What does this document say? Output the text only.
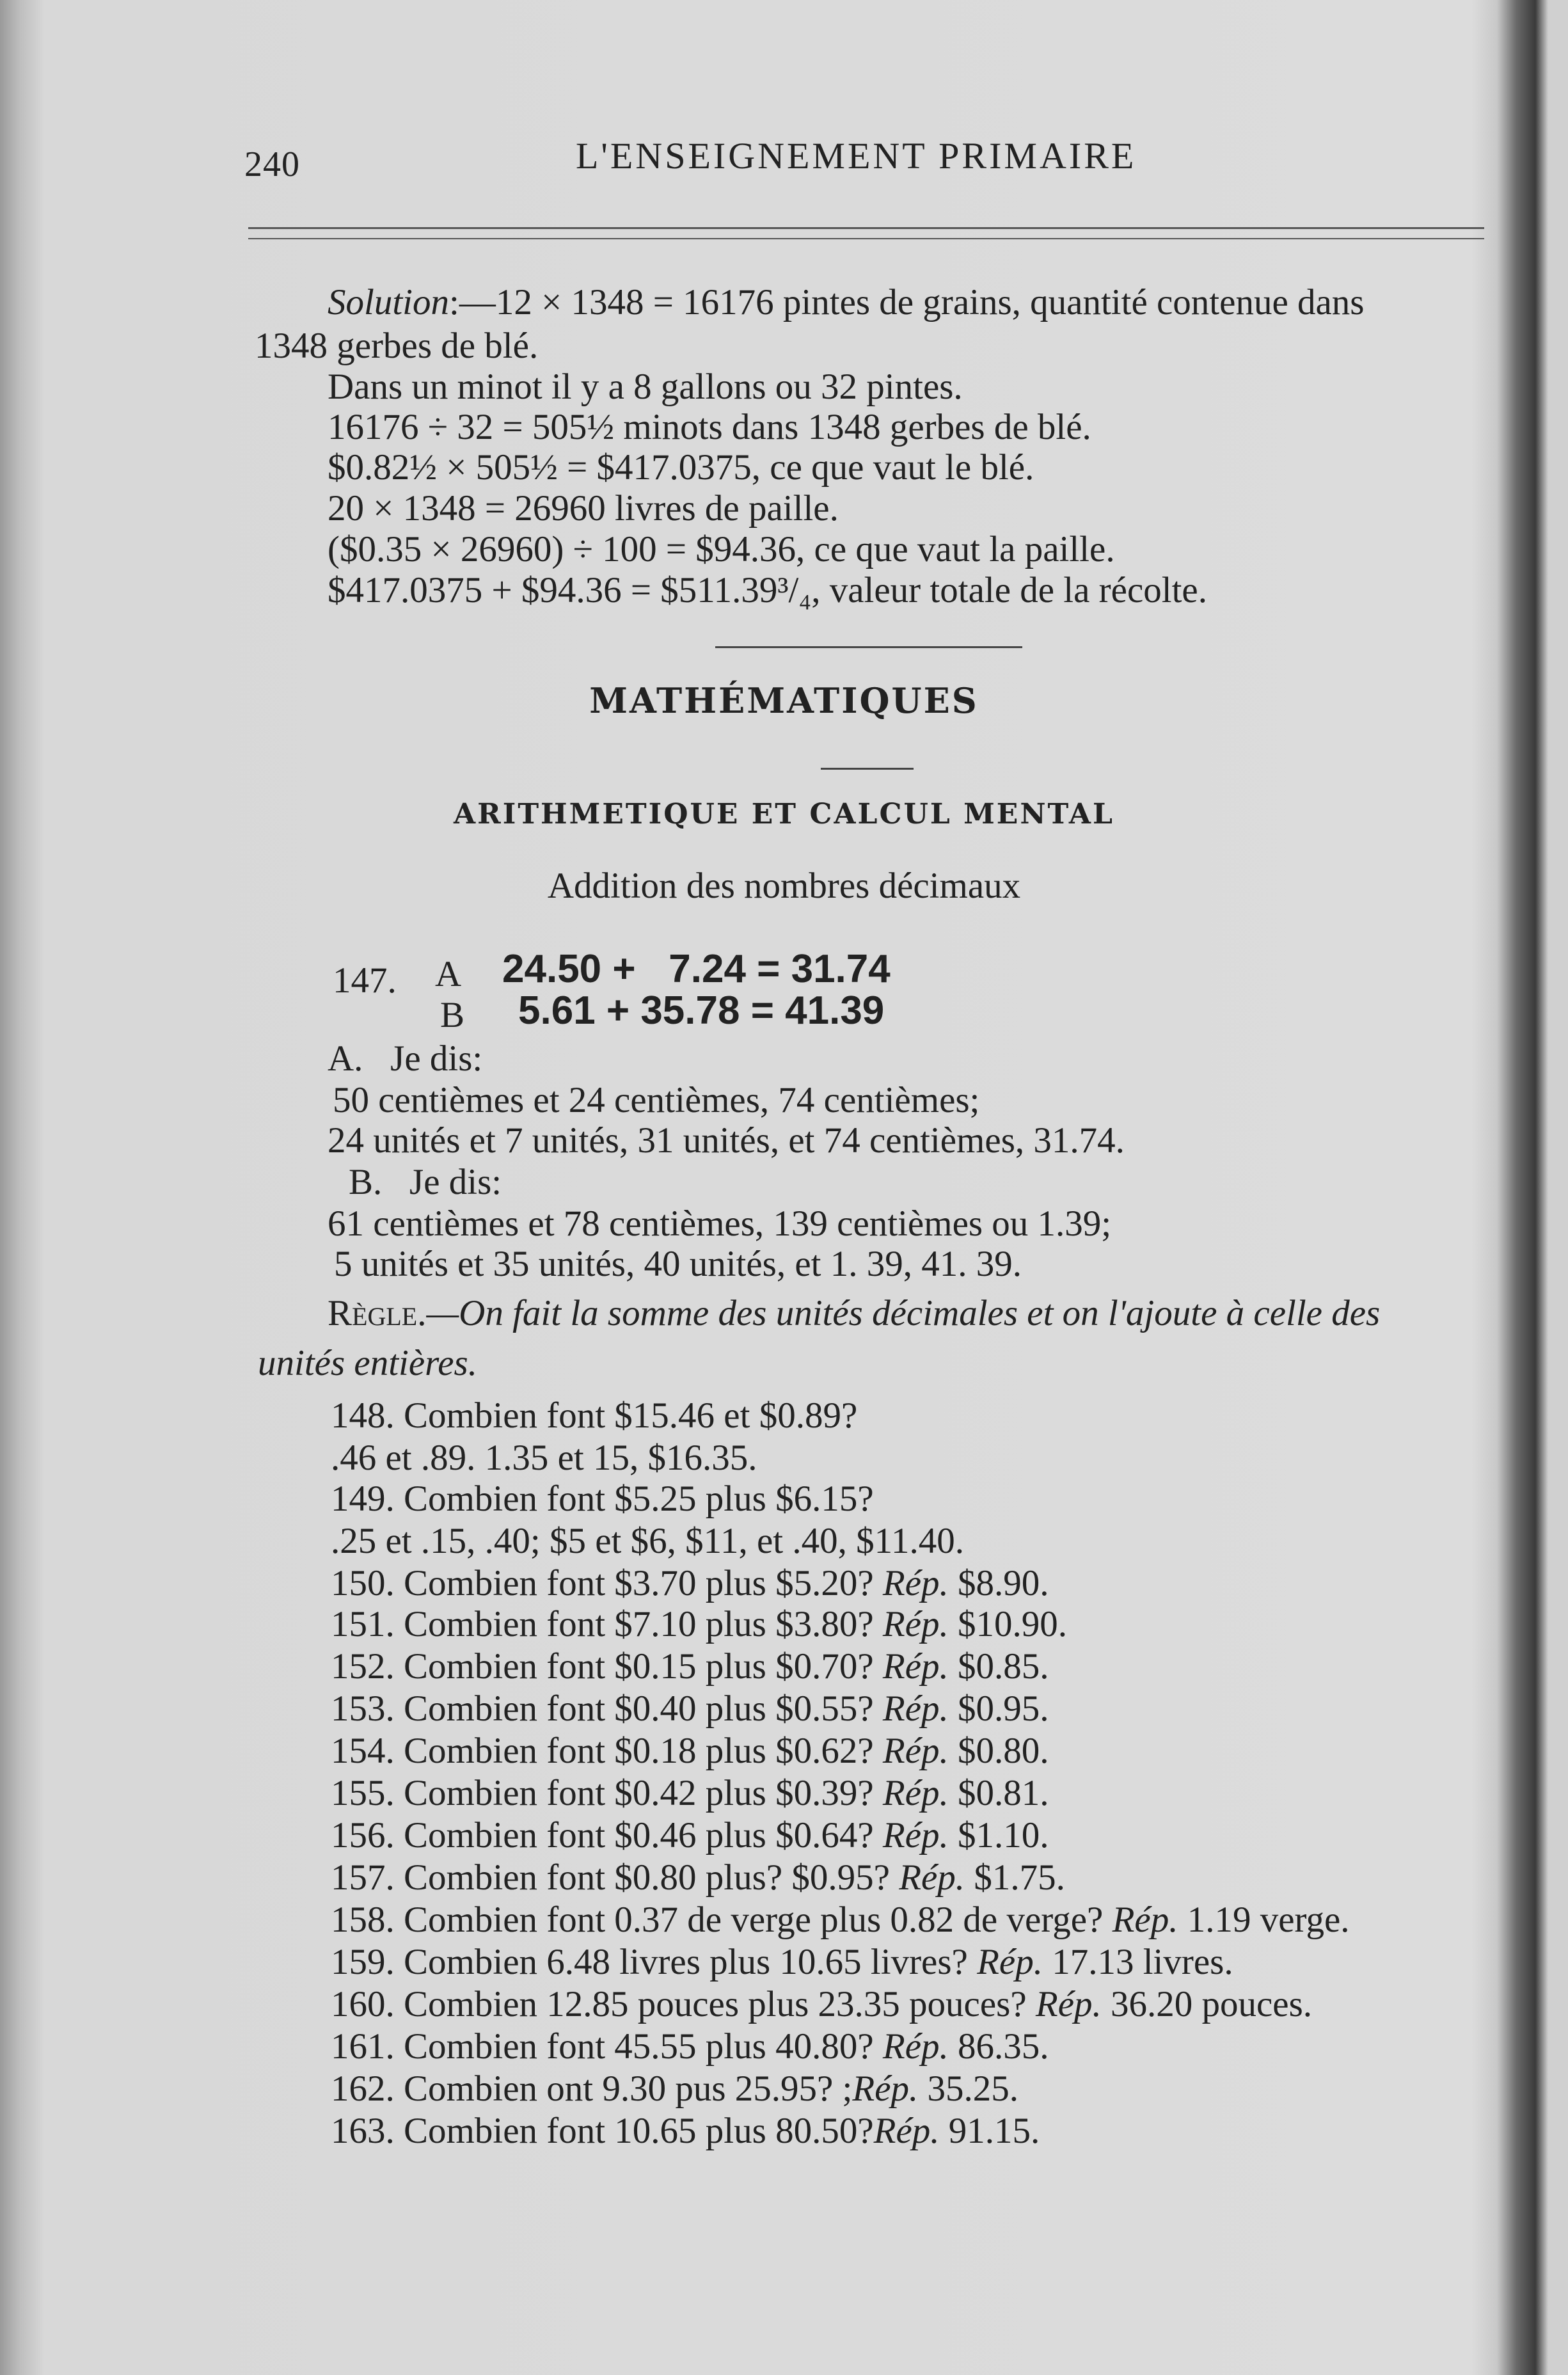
240	L'ENSEIGNEMENT PRIMAIRE
Solution:—12 × 1348 = 16176 pintes de grains, quantité contenue dans
1348 gerbes de blé.
Dans un minot il y a 8 gallons ou 32 pintes.
16176 ÷ 32 = 505½ minots dans 1348 gerbes de blé.
$0.82½ × 505½ = $417.0375, ce que vaut le blé.
20 × 1348 = 26960 livres de paille.
($0.35 × 26960) ÷ 100 = $94.36, ce que vaut la paille.
$417.0375 + $94.36 = $511.39³/₄, valeur totale de la récolte.
MATHÉMATIQUES
ARITHMETIQUE ET CALCUL MENTAL
Addition des nombres décimaux
147. A 24.50 +   7.24 = 31.74
B 5.61 + 35.78 = 41.39
A.   Je dis:
50 centièmes et 24 centièmes, 74 centièmes;
24 unités et 7 unités, 31 unités, et 74 centièmes, 31.74.
B.   Je dis:
61 centièmes et 78 centièmes, 139 centièmes ou 1.39;
5 unités et 35 unités, 40 unités, et 1. 39, 41. 39.
Règle.—On fait la somme des unités décimales et on l'ajoute à celle des
unités entières.
148. Combien font $15.46 et $0.89?
.46 et .89. 1.35 et 15, $16.35.
149. Combien font $5.25 plus $6.15?
.25 et .15, .40; $5 et $6, $11, et .40, $11.40.
150. Combien font $3.70 plus $5.20? Rép. $8.90.
151. Combien font $7.10 plus $3.80? Rép. $10.90.
152. Combien font $0.15 plus $0.70? Rép. $0.85.
153. Combien font $0.40 plus $0.55? Rép. $0.95.
154. Combien font $0.18 plus $0.62? Rép. $0.80.
155. Combien font $0.42 plus $0.39? Rép. $0.81.
156. Combien font $0.46 plus $0.64? Rép. $1.10.
157. Combien font $0.80 plus? $0.95? Rép. $1.75.
158. Combien font 0.37 de verge plus 0.82 de verge? Rép. 1.19 verge.
159. Combien 6.48 livres plus 10.65 livres? Rép. 17.13 livres.
160. Combien 12.85 pouces plus 23.35 pouces? Rép. 36.20 pouces.
161. Combien font 45.55 plus 40.80? Rép. 86.35.
162. Combien ont 9.30 pus 25.95? ;Rép. 35.25.
163. Combien font 10.65 plus 80.50?Rép. 91.15.
